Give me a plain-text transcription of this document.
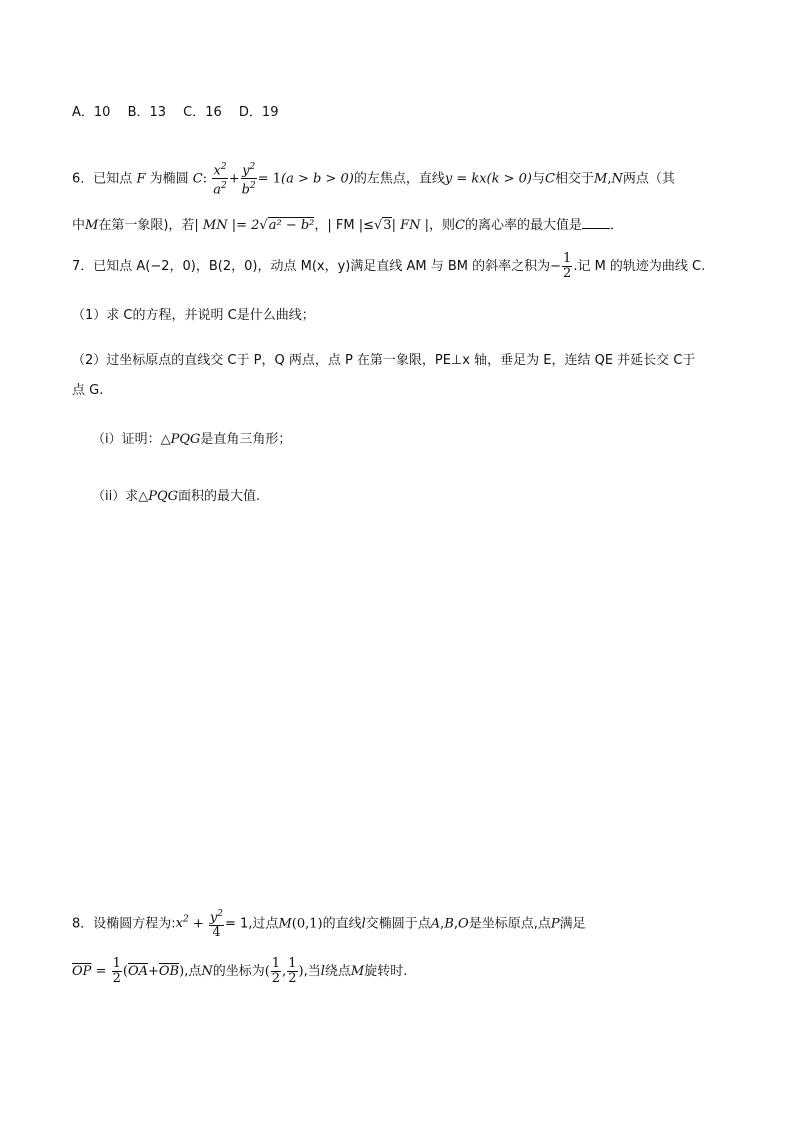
A．10　 B．13　 C．16　 D．19
6．已知点 F 为椭圆 C: $\frac{x^2}{a^2} + \frac{y^2}{b^2} = 1(a > b > 0)$的左焦点，直线y = kx(k > 0)与C相交于M,N两点（其
中M在第一象限)，若| MN |= 2√a² − b²，| FM |≤√3| FN |，则C的离心率的最大值是 ．
7．已知点 A(−2，0)，B(2，0)，动点 M(x，y)满足直线 AM 与 BM 的斜率之积为− $\frac{1}{2}$ .记 M 的轨迹为曲线 C.
（1）求 C的方程，并说明 C是什么曲线；
（2）过坐标原点的直线交 C于 P，Q 两点，点 P 在第一象限，PE⊥x 轴，垂足为 E，连结 QE 并延长交 C于
点 G.
（i）证明：△PQG是直角三角形；
（ii）求△PQG面积的最大值.
8．设椭圆方程为$:x^2 + \frac{y^2}{4} = 1$,过点M(0,1)的直线l交椭圆于点A,B,O是坐标原点,点P满足
$\overline{OP} = \frac{1}{2} (\overline{OA}+\overline{OB})$,点N的坐标为( $\frac{1}{2}$ , $\frac{1}{2}$ ),当l绕点M旋转时.
